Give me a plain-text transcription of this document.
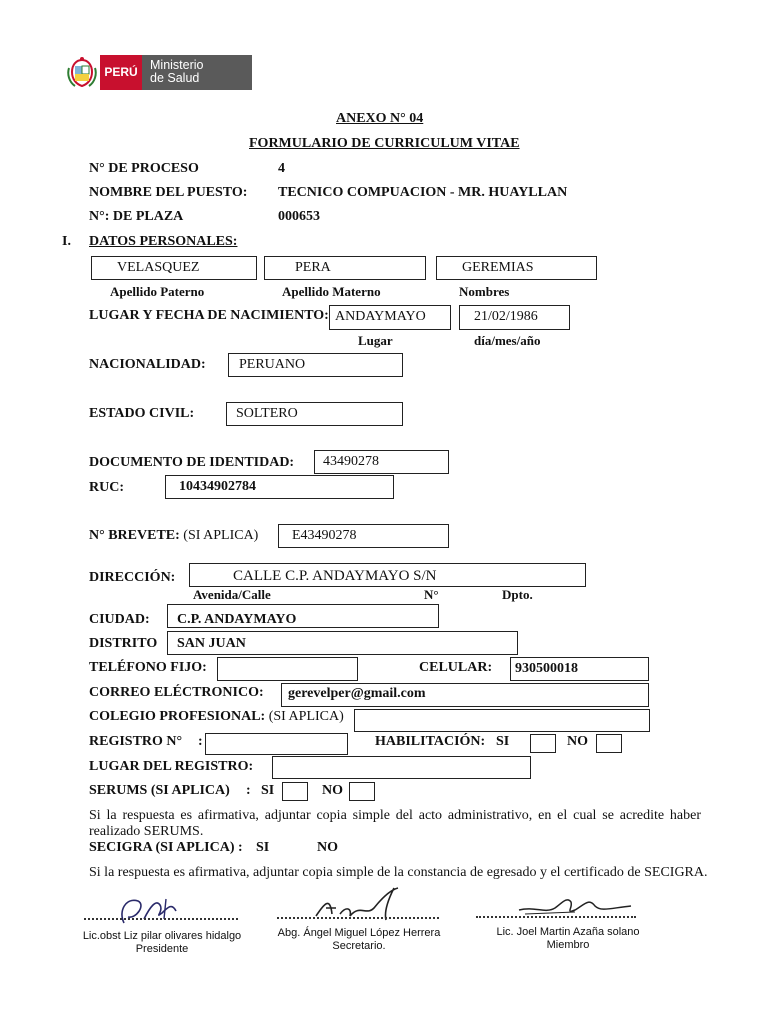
PERÚ Ministerio
de Salud
ANEXO N° 04
FORMULARIO DE CURRICULUM VITAE
N° DE PROCESO	4
NOMBRE DEL PUESTO: TECNICO COMPUACION - MR. HUAYLLAN
N°: DE PLAZA	000653
I. DATOS PERSONALES:
VELASQUEZ	PERA	GEREMIAS
Apellido Paterno	Apellido Materno	Nombres
LUGAR Y FECHA DE NACIMIENTO: ANDAYMAYO	21/02/1986
Lugar	día/mes/año
NACIONALIDAD: PERUANO
ESTADO CIVIL:	SOLTERO
DOCUMENTO DE IDENTIDAD: 43490278
RUC:	10434902784
N° BREVETE: (SI APLICA) E43490278
DIRECCIÓN:	CALLE C.P. ANDAYMAYO S/N
Avenida/Calle	N°	Dpto.
CIUDAD: C.P. ANDAYMAYO
DISTRITO SAN JUAN
TELÉFONO FIJO:	CELULAR: 930500018
CORREO ELÉCTRONICO: gerevelper@gmail.com
COLEGIO PROFESIONAL: (SI APLICA)
REGISTRO N° :	HABILITACIÓN: SI	NO
LUGAR DEL REGISTRO:
SERUMS (SI APLICA) : SI	NO
Si la respuesta es afirmativa, adjuntar copia simple del acto administrativo, en el cual se acredite haber
realizado SERUMS.
SECIGRA (SI APLICA) : SI	NO
Si la respuesta es afirmativa, adjuntar copia simple de la constancia de egresado y el certificado de SECIGRA.
Lic.obst Liz pilar olivares hidalgo
Presidente
Abg. Ángel Miguel López Herrera
Secretario.
Lic. Joel Martin Azaña solano
Miembro
